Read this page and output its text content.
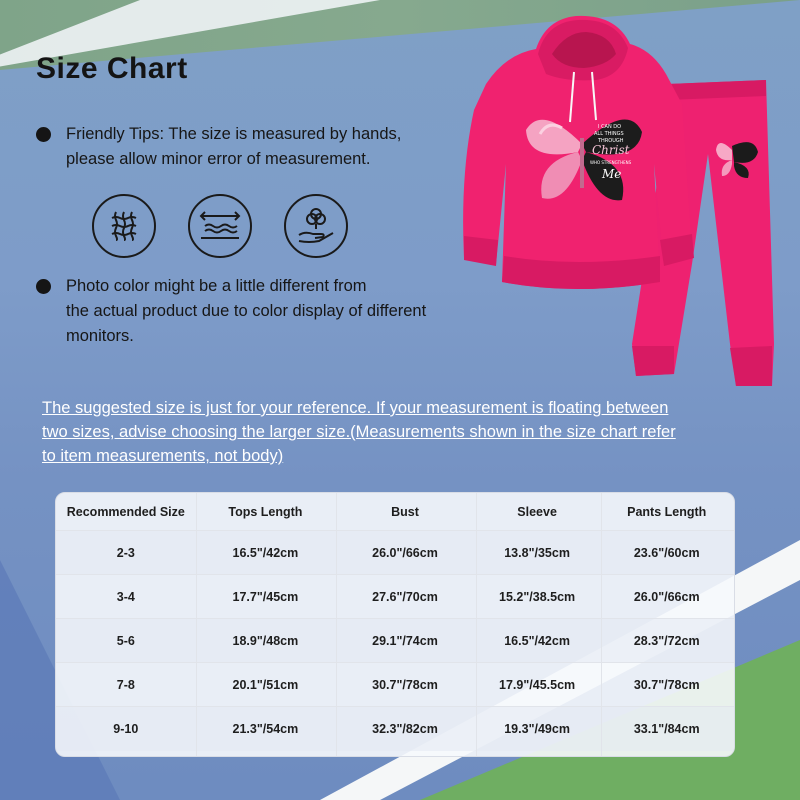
Size Chart
Friendly Tips: The size is measured by hands,
please allow minor error of measurement.
Photo color might be a little different from
the actual product due to color display of different
monitors.
I CAN DO
ALL THINGS
THROUGH
Christ
WHO STRENGTHENS
Me
The suggested size is just for your reference. If your measurement is floating between
two sizes, advise choosing the larger size.(Measurements shown in the size chart refer
to item measurements, not body)
Recommended Size	Tops Length	Bust	Sleeve	Pants Length
2-3	16.5"/42cm	26.0"/66cm	13.8"/35cm	23.6"/60cm
3-4	17.7"/45cm	27.6"/70cm	15.2"/38.5cm	26.0"/66cm
5-6	18.9"/48cm	29.1"/74cm	16.5"/42cm	28.3"/72cm
7-8	20.1"/51cm	30.7"/78cm	17.9"/45.5cm	30.7"/78cm
9-10	21.3"/54cm	32.3"/82cm	19.3"/49cm	33.1"/84cm
